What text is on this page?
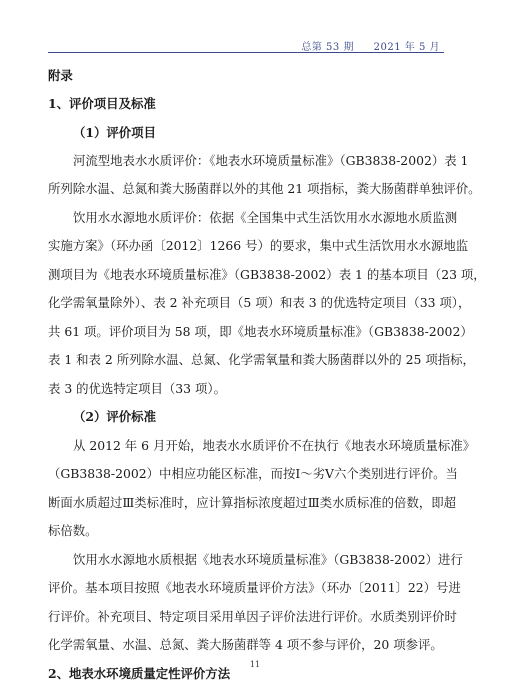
总第 53 期 2021 年 5 月
附录
1、评价项目及标准
（1）评价项目
河流型地表水水质评价：《地表水环境质量标准》（GB3838-2002）表 1
所列除水温、总氮和粪大肠菌群以外的其他 21 项指标，粪大肠菌群单独评价。
饮用水水源地水质评价：依据《全国集中式生活饮用水水源地水质监测
实施方案》（环办函〔2012〕1266 号）的要求，集中式生活饮用水水源地监
测项目为《地表水环境质量标准》（GB3838-2002）表 1 的基本项目（23 项，
化学需氧量除外）、表 2 补充项目（5 项）和表 3 的优选特定项目（33 项），
共 61 项。评价项目为 58 项，即《地表水环境质量标准》（GB3838-2002）
表 1 和表 2 所列除水温、总氮、化学需氧量和粪大肠菌群以外的 25 项指标，
表 3 的优选特定项目（33 项）。
（2）评价标准
从 2012 年 6 月开始，地表水水质评价不在执行《地表水环境质量标准》
（GB3838-2002）中相应功能区标准，而按Ⅰ～劣Ⅴ六个类别进行评价。当
断面水质超过Ⅲ类标准时，应计算指标浓度超过Ⅲ类水质标准的倍数，即超
标倍数。
饮用水水源地水质根据《地表水环境质量标准》（GB3838-2002）进行
评价。基本项目按照《地表水环境质量评价方法》（环办〔2011〕22）号进
行评价。补充项目、特定项目采用单因子评价法进行评价。水质类别评价时
化学需氧量、水温、总氮、粪大肠菌群等 4 项不参与评价，20 项参评。
2、地表水环境质量定性评价方法
11
